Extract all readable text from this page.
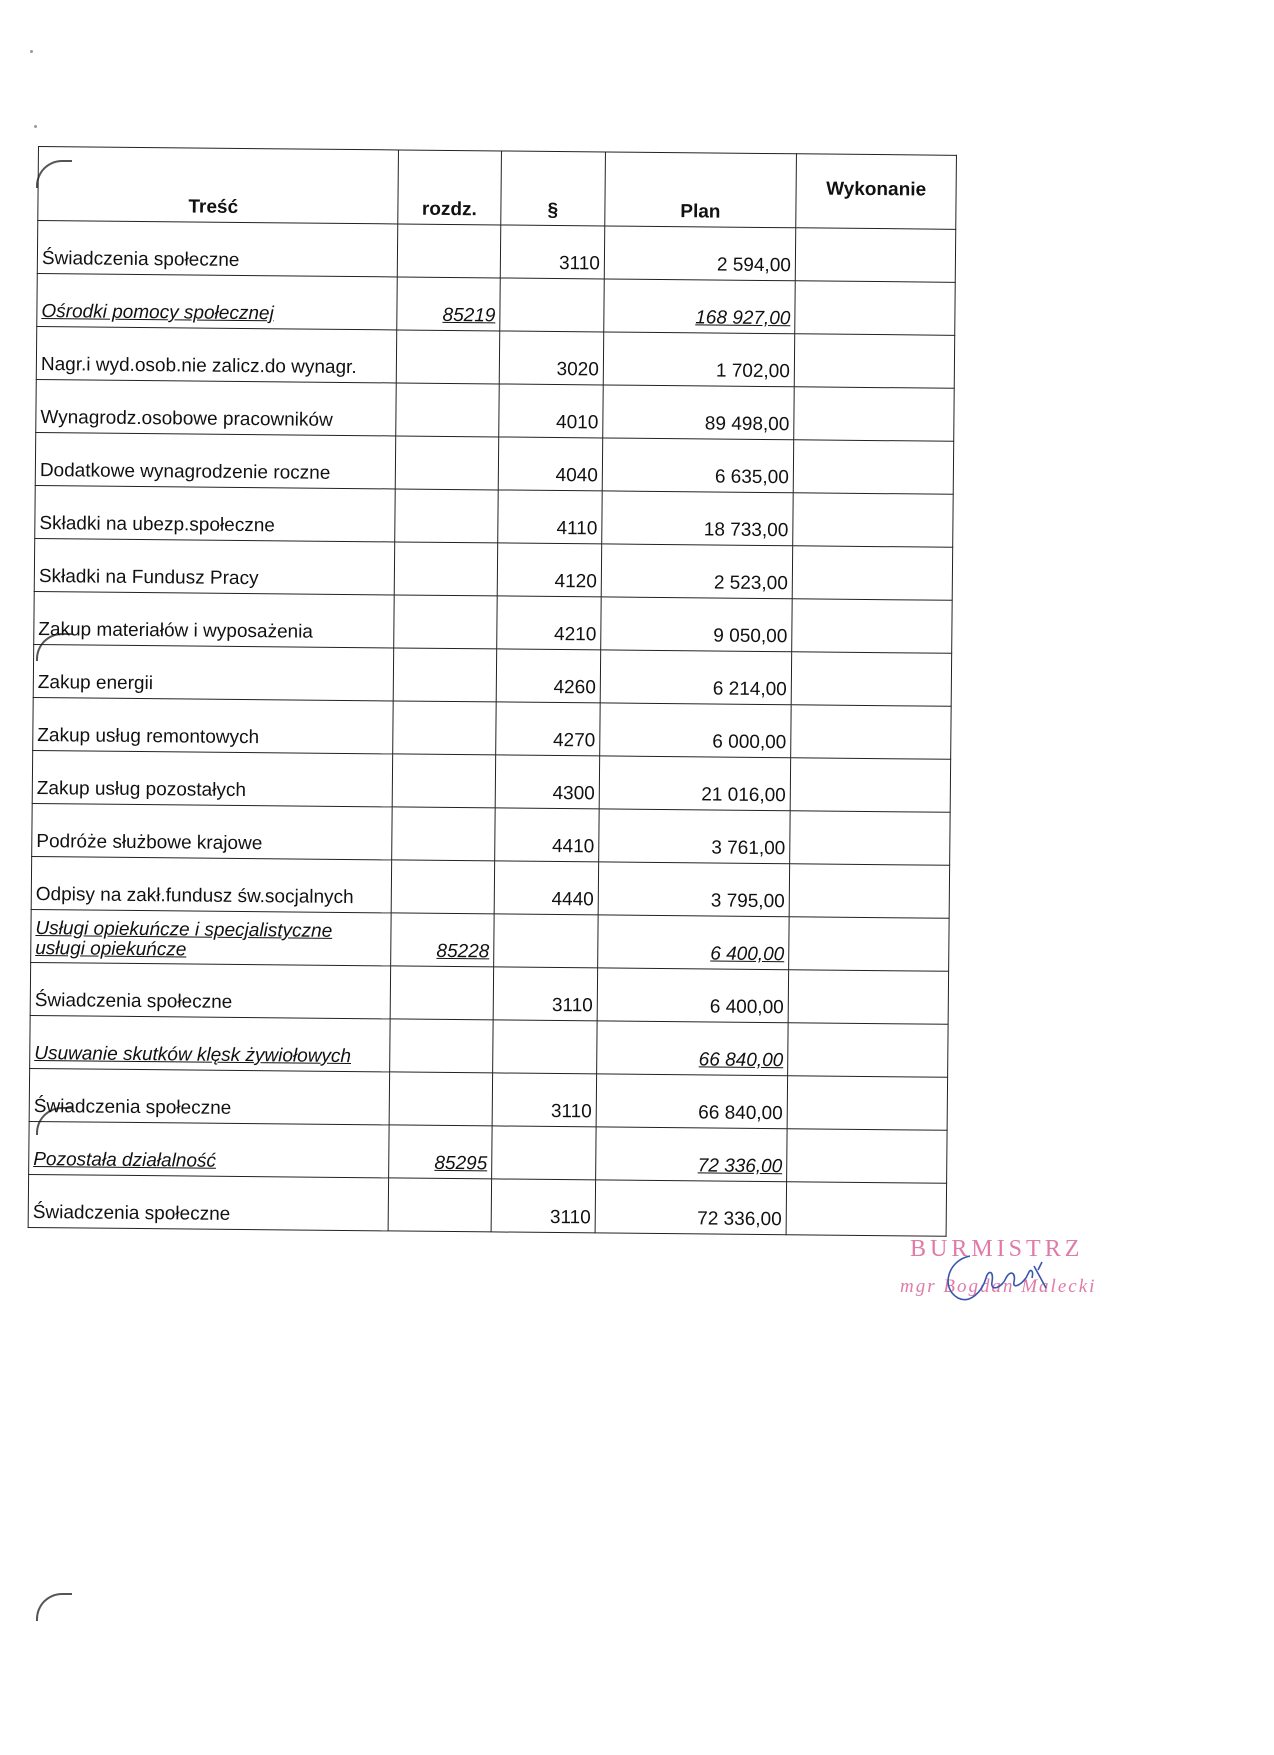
Treść	rozdz.	§	Plan	Wykonanie
Świadczenia społeczne		3110	2 594,00	
Ośrodki pomocy społecznej	85219		168 927,00	
Nagr.i wyd.osob.nie zalicz.do wynagr.		3020	1 702,00	
Wynagrodz.osobowe pracowników		4010	89 498,00	
Dodatkowe wynagrodzenie roczne		4040	6 635,00	
Składki na ubezp.społeczne		4110	18 733,00	
Składki na Fundusz Pracy		4120	2 523,00	
Zakup materiałów i wyposażenia		4210	9 050,00	
Zakup energii		4260	6 214,00	
Zakup usług remontowych		4270	6 000,00	
Zakup usług pozostałych		4300	21 016,00	
Podróże służbowe krajowe		4410	3 761,00	
Odpisy na zakł.fundusz św.socjalnych		4440	3 795,00	
Usługi opiekuńcze i specjalistyczne usługi opiekuńcze	85228		6 400,00	
Świadczenia społeczne		3110	6 400,00	
Usuwanie skutków klęsk żywiołowych			66 840,00	
Świadczenia społeczne		3110	66 840,00	
Pozostała działalność	85295		72 336,00	
Świadczenia społeczne		3110	72 336,00	
BURMISTRZ
mgr Bogdan Malecki
